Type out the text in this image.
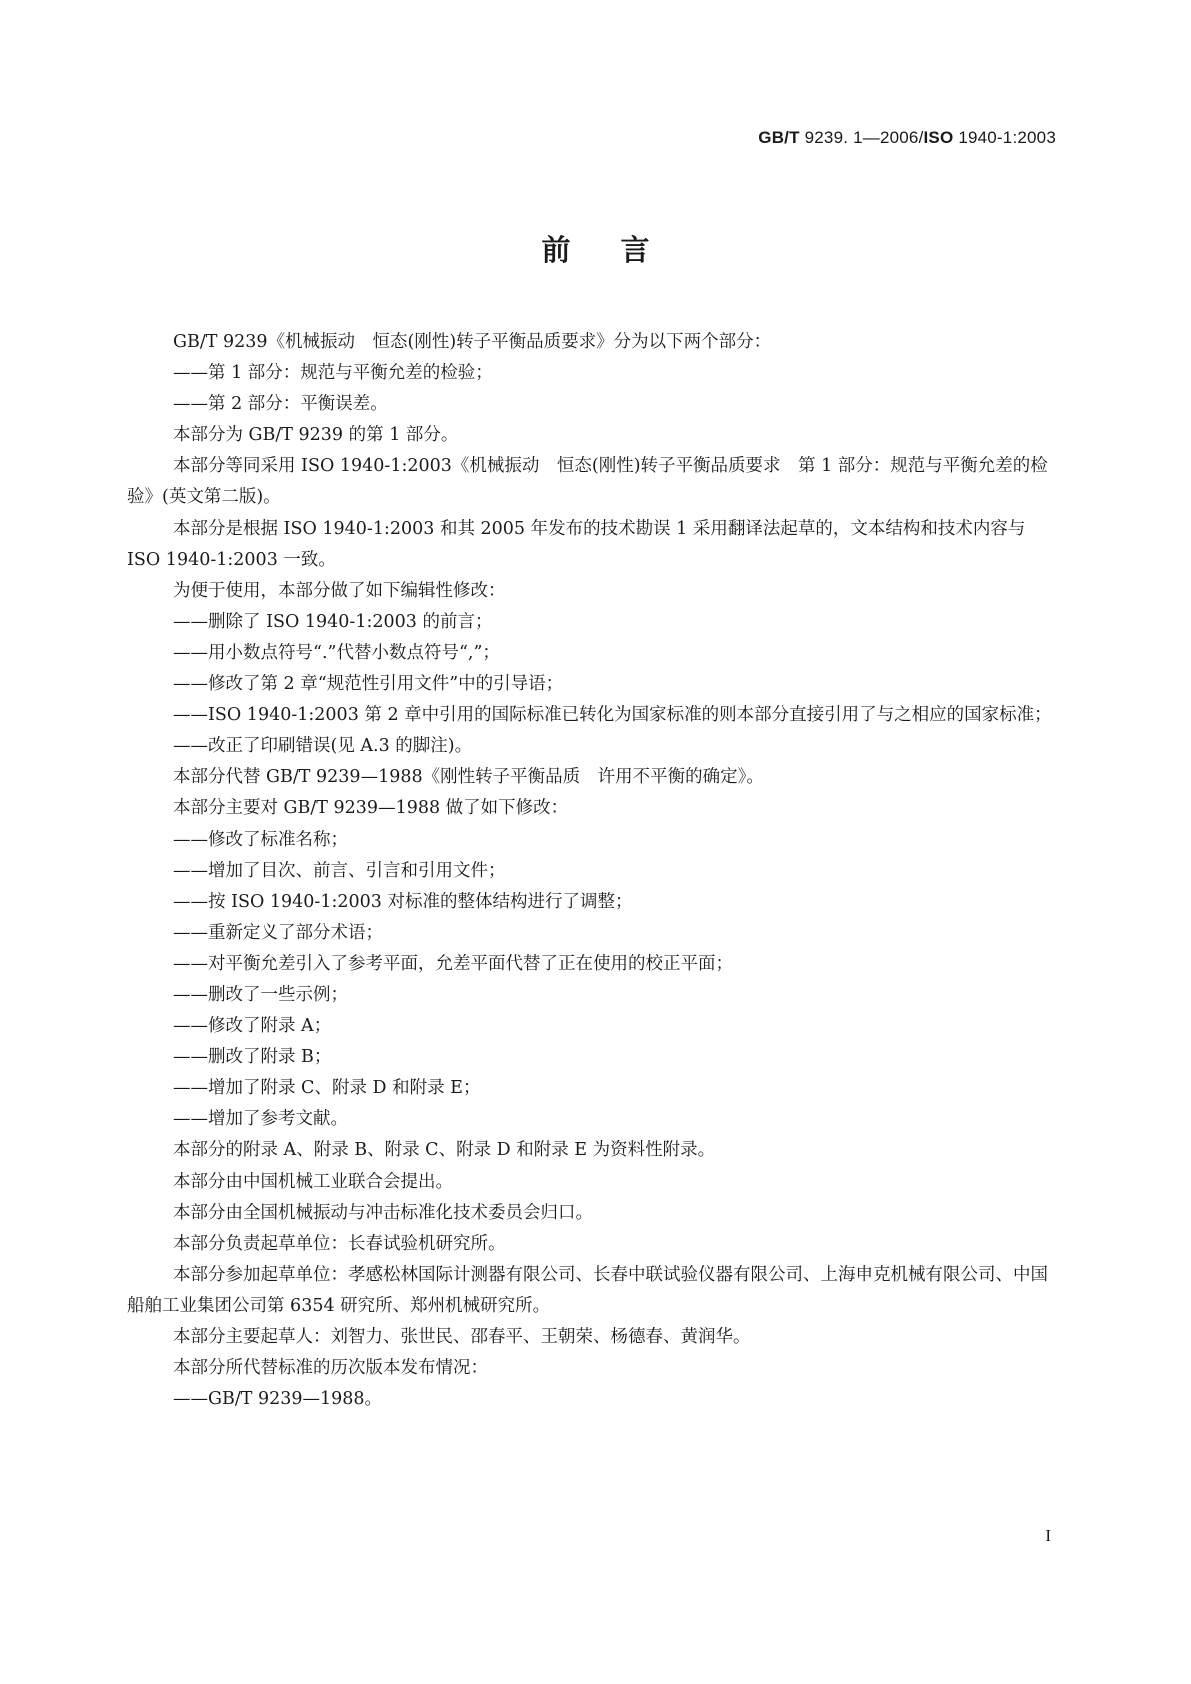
GB/T 9239. 1—2006/ISO 1940-1:2003
前言

GB/T 9239《机械振动　恒态(刚性)转子平衡品质要求》分为以下两个部分：

——第 1 部分：规范与平衡允差的检验；

——第 2 部分：平衡误差。

本部分为 GB/T 9239 的第 1 部分。

本部分等同采用 ISO 1940-1:2003《机械振动　恒态(刚性)转子平衡品质要求　第 1 部分：规范与平衡允差的检验》(英文第二版)。

本部分是根据 ISO 1940-1:2003 和其 2005 年发布的技术勘误 1 采用翻译法起草的，文本结构和技术内容与 ISO 1940-1:2003 一致。

为便于使用，本部分做了如下编辑性修改：

——删除了 ISO 1940-1:2003 的前言；

——用小数点符号“.”代替小数点符号“,”；

——修改了第 2 章“规范性引用文件”中的引导语；

——ISO 1940-1:2003 第 2 章中引用的国际标准已转化为国家标准的则本部分直接引用了与之相应的国家标准；

——改正了印刷错误(见 A.3 的脚注)。

本部分代替 GB/T 9239—1988《刚性转子平衡品质　许用不平衡的确定》。

本部分主要对 GB/T 9239—1988 做了如下修改：

——修改了标准名称；

——增加了目次、前言、引言和引用文件；

——按 ISO 1940-1:2003 对标准的整体结构进行了调整；

——重新定义了部分术语；

——对平衡允差引入了参考平面，允差平面代替了正在使用的校正平面；

——删改了一些示例；

——修改了附录 A；

——删改了附录 B；

——增加了附录 C、附录 D 和附录 E；

——增加了参考文献。

本部分的附录 A、附录 B、附录 C、附录 D 和附录 E 为资料性附录。

本部分由中国机械工业联合会提出。

本部分由全国机械振动与冲击标准化技术委员会归口。

本部分负责起草单位：长春试验机研究所。

本部分参加起草单位：孝感松林国际计测器有限公司、长春中联试验仪器有限公司、上海申克机械有限公司、中国船舶工业集团公司第 6354 研究所、郑州机械研究所。

本部分主要起草人：刘智力、张世民、邵春平、王朝荣、杨德春、黄润华。

本部分所代替标准的历次版本发布情况：

——GB/T 9239—1988。

I
